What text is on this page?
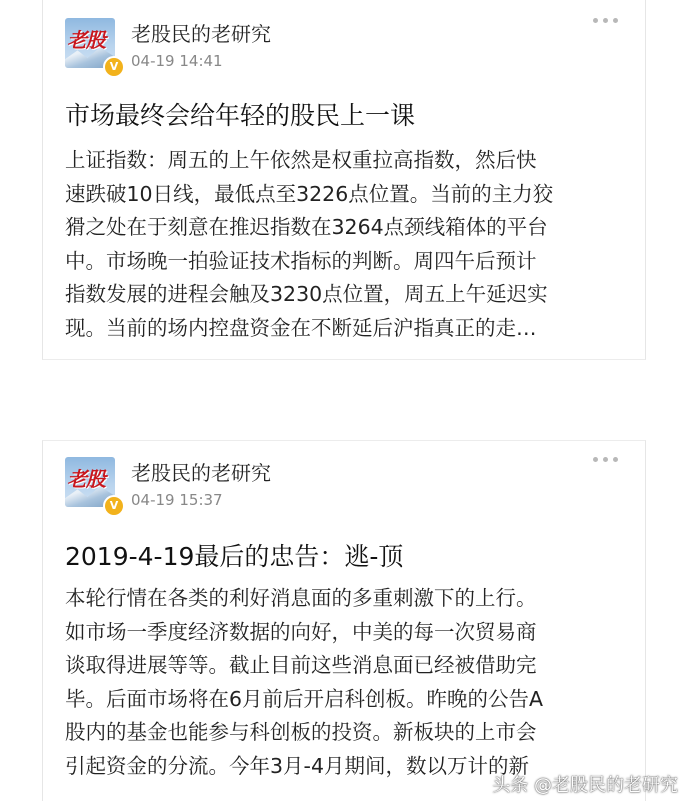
老股
V
老股民的老研究
04-19 14:41
市场最终会给年轻的股民上一课
上证指数：周五的上午依然是权重拉高指数，然后快
速跌破10日线，最低点至3226点位置。当前的主力狡
猾之处在于刻意在推迟指数在3264点颈线箱体的平台
中。市场晚一拍验证技术指标的判断。周四午后预计
指数发展的进程会触及3230点位置，周五上午延迟实
现。当前的场内控盘资金在不断延后沪指真正的走…
老股
V
老股民的老研究
04-19 15:37
2019-4-19最后的忠告：逃-顶
本轮行情在各类的利好消息面的多重刺激下的上行。
如市场一季度经济数据的向好，中美的每一次贸易商
谈取得进展等等。截止目前这些消息面已经被借助完
毕。后面市场将在6月前后开启科创板。昨晚的公告A
股内的基金也能参与科创板的投资。新板块的上市会
引起资金的分流。今年3月-4月期间，数以万计的新
头条 @老股民的老研究
